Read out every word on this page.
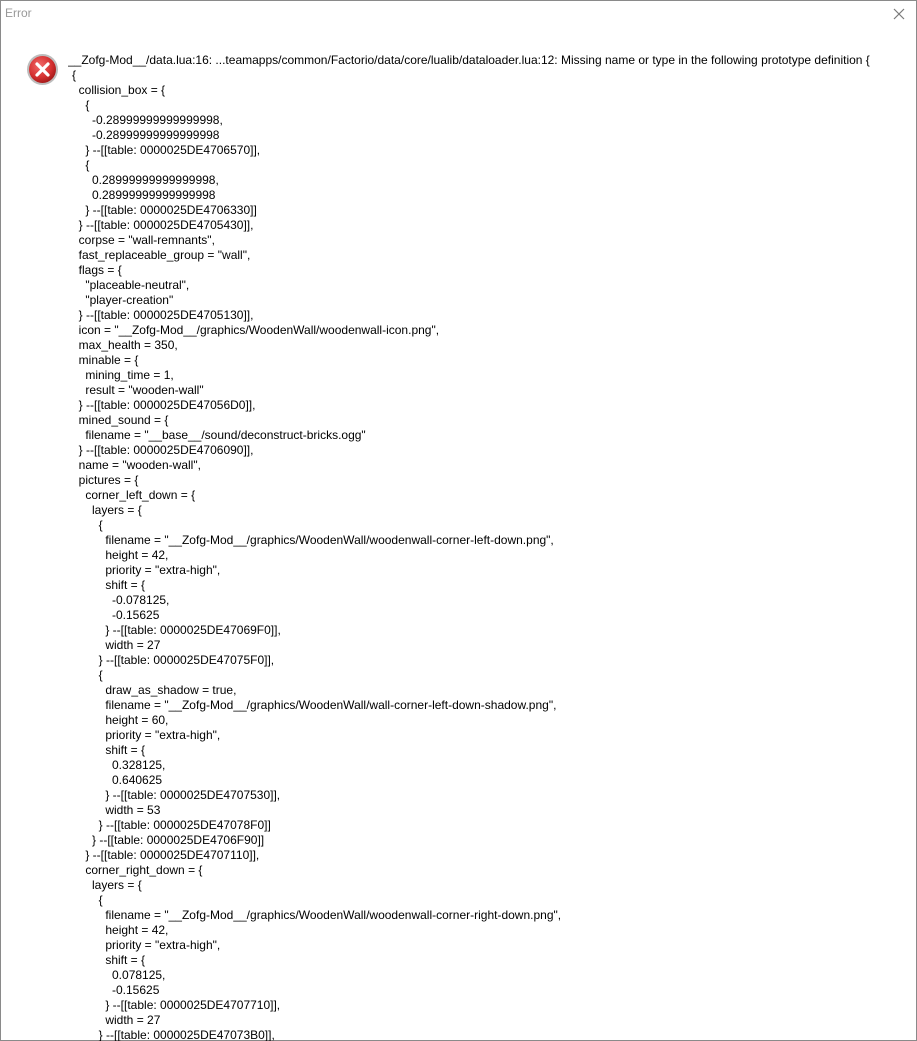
Error
__Zofg-Mod__/data.lua:16: ...teamapps/common/Factorio/data/core/lualib/dataloader.lua:12: Missing name or type in the following prototype definition {
{
collision_box = {
{
-0.28999999999999998,
-0.28999999999999998
} --[[table: 0000025DE4706570]],
{
0.28999999999999998,
0.28999999999999998
} --[[table: 0000025DE4706330]]
} --[[table: 0000025DE4705430]],
corpse = "wall-remnants",
fast_replaceable_group = "wall",
flags = {
"placeable-neutral",
"player-creation"
} --[[table: 0000025DE4705130]],
icon = "__Zofg-Mod__/graphics/WoodenWall/woodenwall-icon.png",
max_health = 350,
minable = {
mining_time = 1,
result = "wooden-wall"
} --[[table: 0000025DE47056D0]],
mined_sound = {
filename = "__base__/sound/deconstruct-bricks.ogg"
} --[[table: 0000025DE4706090]],
name = "wooden-wall",
pictures = {
corner_left_down = {
layers = {
{
filename = "__Zofg-Mod__/graphics/WoodenWall/woodenwall-corner-left-down.png",
height = 42,
priority = "extra-high",
shift = {
-0.078125,
-0.15625
} --[[table: 0000025DE47069F0]],
width = 27
} --[[table: 0000025DE47075F0]],
{
draw_as_shadow = true,
filename = "__Zofg-Mod__/graphics/WoodenWall/wall-corner-left-down-shadow.png",
height = 60,
priority = "extra-high",
shift = {
0.328125,
0.640625
} --[[table: 0000025DE4707530]],
width = 53
} --[[table: 0000025DE47078F0]]
} --[[table: 0000025DE4706F90]]
} --[[table: 0000025DE4707110]],
corner_right_down = {
layers = {
{
filename = "__Zofg-Mod__/graphics/WoodenWall/woodenwall-corner-right-down.png",
height = 42,
priority = "extra-high",
shift = {
0.078125,
-0.15625
} --[[table: 0000025DE4707710]],
width = 27
} --[[table: 0000025DE47073B0]],
